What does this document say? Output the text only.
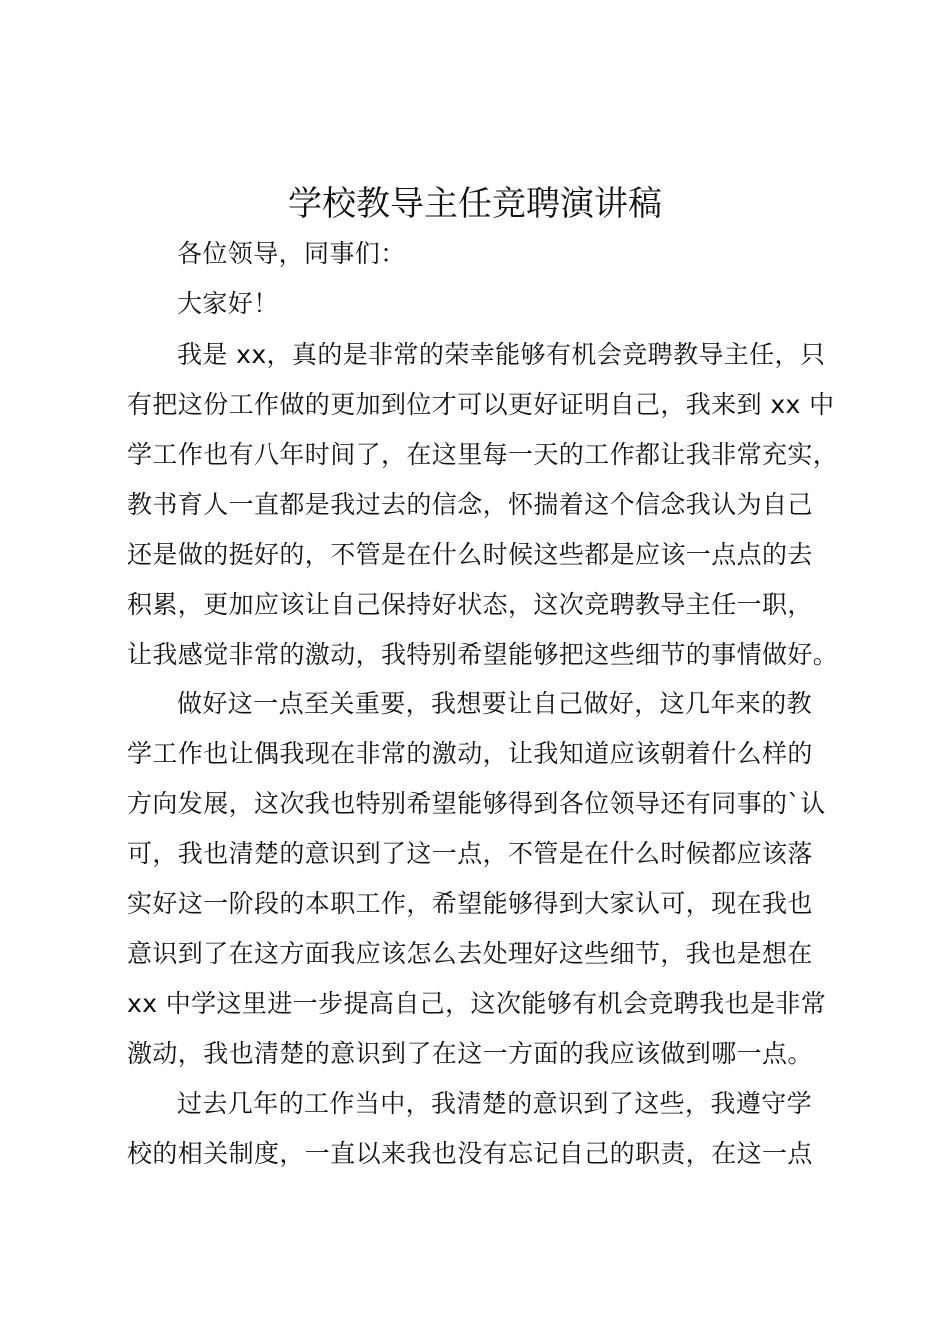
学校教导主任竞聘演讲稿
各位领导，同事们：
大家好！
我是 xx，真的是非常的荣幸能够有机会竞聘教导主任，只
有把这份工作做的更加到位才可以更好证明自己，我来到 xx 中
学工作也有八年时间了，在这里每一天的工作都让我非常充实，
教书育人一直都是我过去的信念，怀揣着这个信念我认为自己
还是做的挺好的，不管是在什么时候这些都是应该一点点的去
积累，更加应该让自己保持好状态，这次竞聘教导主任一职，
让我感觉非常的激动，我特别希望能够把这些细节的事情做好。
做好这一点至关重要，我想要让自己做好，这几年来的教
学工作也让偶我现在非常的激动，让我知道应该朝着什么样的
方向发展，这次我也特别希望能够得到各位领导还有同事的`认
可，我也清楚的意识到了这一点，不管是在什么时候都应该落
实好这一阶段的本职工作，希望能够得到大家认可，现在我也
意识到了在这方面我应该怎么去处理好这些细节，我也是想在
xx 中学这里进一步提高自己，这次能够有机会竞聘我也是非常
激动，我也清楚的意识到了在这一方面的我应该做到哪一点。
过去几年的工作当中，我清楚的意识到了这些，我遵守学
校的相关制度，一直以来我也没有忘记自己的职责，在这一点
